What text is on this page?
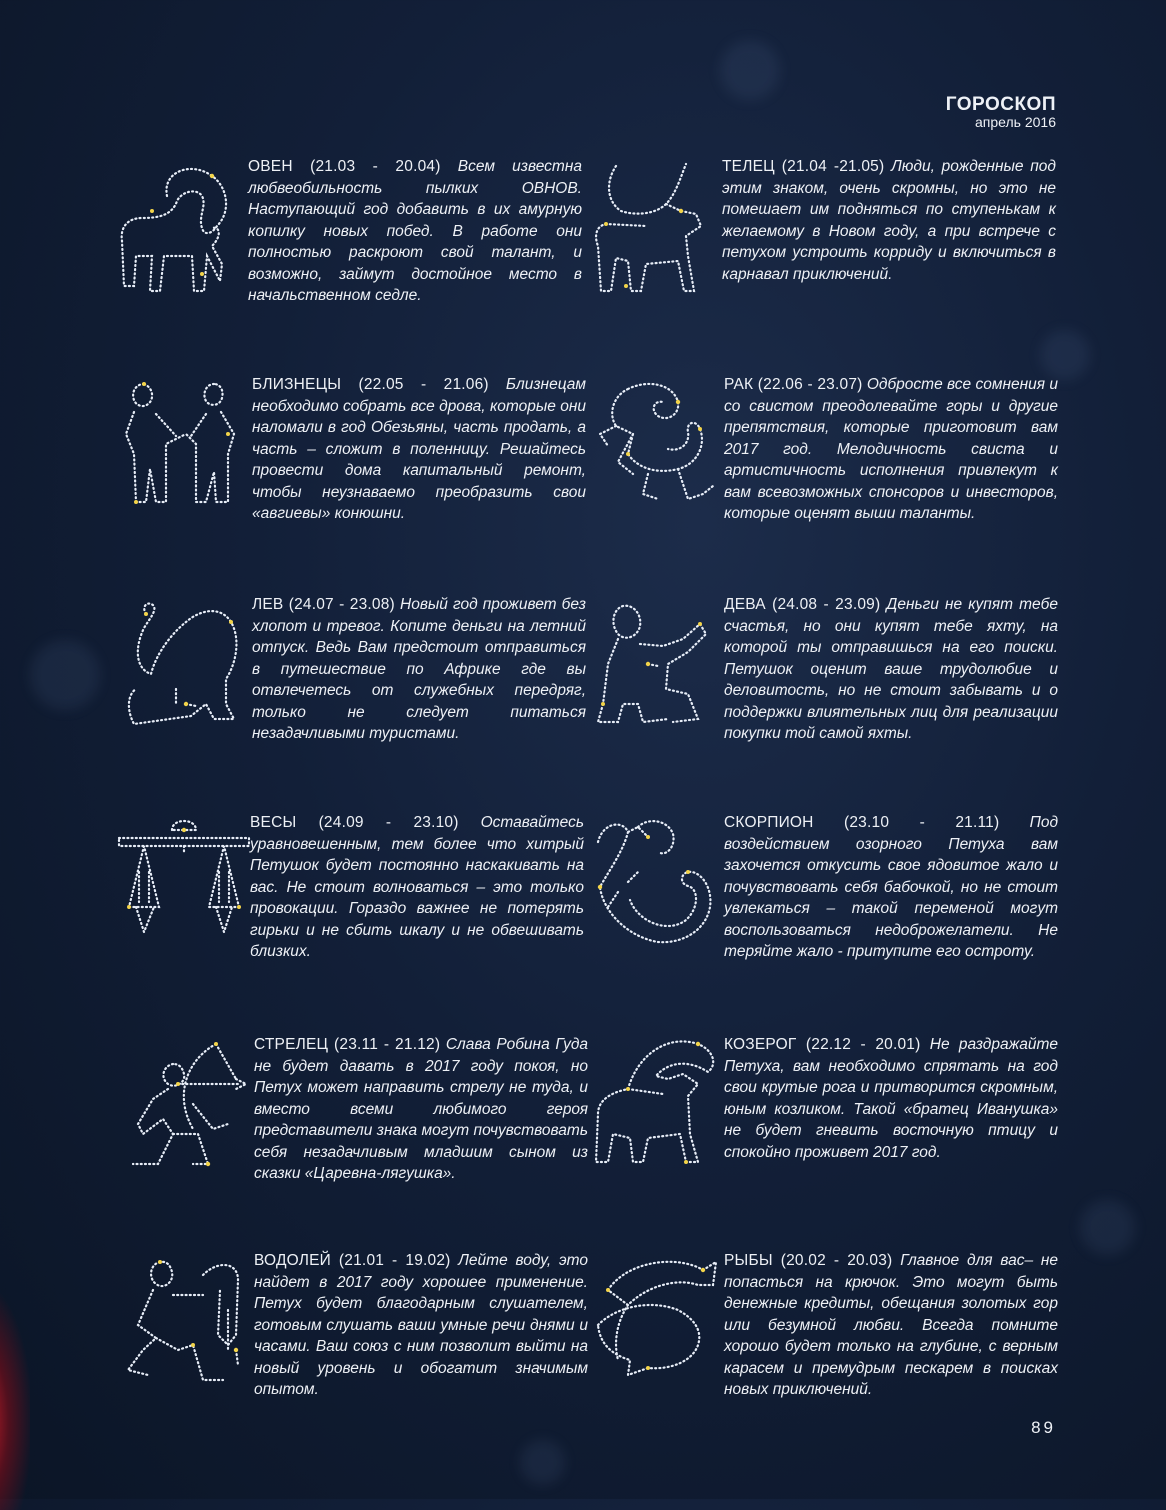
ГОРОСКОП
апрель 2016
ОВЕН (21.03 - 20.04) Всем известна любвеобильность пылких ОВНОВ. Наступающий год добавить в их амурную копилку новых побед. В работе они полностью раскроют свой талант, и возможно, займут достойное место в начальственном седле.
ТЕЛЕЦ (21.04 -21.05) Люди, рожденные под этим знаком, очень скромны, но это не помешает им подняться по ступенькам к желаемому в Новом году, а при встрече с петухом устроить корриду и включиться в карнавал приключений.
БЛИЗНЕЦЫ (22.05 - 21.06) Близнецам необходимо собрать все дрова, которые они наломали в год Обезьяны, часть продать, а часть – сложит в поленницу. Решайтесь провести дома капитальный ремонт, чтобы неузнаваемо преобразить свои «авгиевы» конюшни.
РАК (22.06 - 23.07) Одбросте все сомнения и со свистом преодолевайте горы и другие препятствия, которые приготовит вам 2017 год. Мелодичность свиста и артистичность исполнения привлекут к вам всевозможных спонсоров и инвесторов, которые оценят выши таланты.
ЛЕВ (24.07 - 23.08) Новый год проживет без хлопот и тревог. Копите деньги на летний отпуск. Ведь Вам предстоит отправиться в путешествие по Африке где вы отвлечетесь от служебных передряг, только не следует питаться незадачливыми туристами.
ДЕВА (24.08 - 23.09) Деньги не купят тебе счастья, но они купят тебе яхту, на которой ты отправишься на его поиски. Петушок оценит ваше трудолюбие и деловитость, но не стоит забывать и о поддержки влиятельных лиц для реализации покупки той самой яхты.
ВЕСЫ (24.09 - 23.10) Оставайтесь уравновешенным, тем более что хитрый Петушок будет постоянно наскакивать на вас. Не стоит волноваться – это только провокации. Гораздо важнее не потерять гирьки и не сбить шкалу и не обвешивать близких.
СКОРПИОН (23.10 - 21.11) Под воздействием озорного Петуха вам захочется откусить свое ядовитое жало и почувствовать себя бабочкой, но не стоит увлекаться – такой переменой могут воспользоваться недоброжелатели. Не теряйте жало - притупите его остроту.
СТРЕЛЕЦ (23.11 - 21.12) Слава Робина Гуда не будет давать в 2017 году покоя, но Петух может направить стрелу не туда, и вместо всеми любимого героя представители знака могут почувствовать себя незадачливым младшим сыном из сказки «Царевна-лягушка».
КОЗЕРОГ (22.12 - 20.01) Не раздражайте Петуха, вам необходимо спрятать на год свои крутые рога и притворится скромным, юным козликом. Такой «братец Иванушка» не будет гневить восточную птицу и спокойно проживет 2017 год.
ВОДОЛЕЙ (21.01 - 19.02) Лейте воду, это найдет в 2017 году хорошее применение. Петух будет благодарным слушателем, готовым слушать ваши умные речи днями и часами. Ваш союз с ним позволит выйти на новый уровень и обогатит значимым опытом.
РЫБЫ (20.02 - 20.03) Главное для вас– не попасться на крючок. Это могут быть денежные кредиты, обещания золотых гор или безумной любви. Всегда помните хорошо будет только на глубине, с верным карасем и премудрым пескарем в поисках новых приключений.
89
